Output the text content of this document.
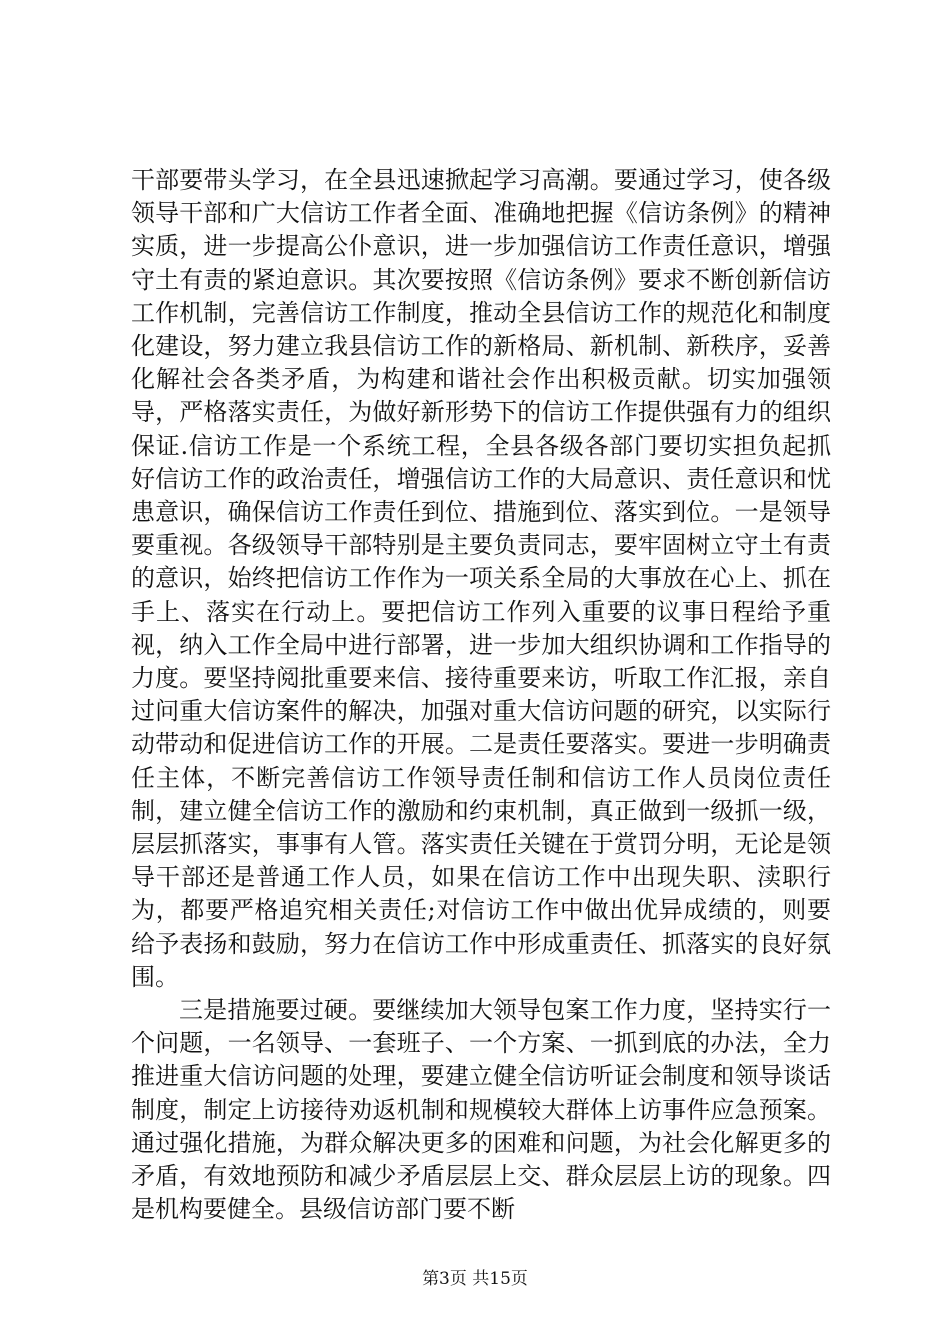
干部要带头学习，在全县迅速掀起学习高潮。要通过学习，使各级领导干部和广大信访工作者全面、准确地把握《信访条例》的精神实质，进一步提高公仆意识，进一步加强信访工作责任意识，增强守土有责的紧迫意识。其次要按照《信访条例》要求不断创新信访工作机制，完善信访工作制度，推动全县信访工作的规范化和制度化建设，努力建立我县信访工作的新格局、新机制、新秩序，妥善化解社会各类矛盾，为构建和谐社会作出积极贡献。切实加强领导，严格落实责任，为做好新形势下的信访工作提供强有力的组织保证.信访工作是一个系统工程，全县各级各部门要切实担负起抓好信访工作的政治责任，增强信访工作的大局意识、责任意识和忧患意识，确保信访工作责任到位、措施到位、落实到位。一是领导要重视。各级领导干部特别是主要负责同志，要牢固树立守土有责的意识，始终把信访工作作为一项关系全局的大事放在心上、抓在手上、落实在行动上。要把信访工作列入重要的议事日程给予重视，纳入工作全局中进行部署，进一步加大组织协调和工作指导的力度。要坚持阅批重要来信、接待重要来访，听取工作汇报，亲自过问重大信访案件的解决，加强对重大信访问题的研究，以实际行动带动和促进信访工作的开展。二是责任要落实。要进一步明确责任主体，不断完善信访工作领导责任制和信访工作人员岗位责任制，建立健全信访工作的激励和约束机制，真正做到一级抓一级，层层抓落实，事事有人管。落实责任关键在于赏罚分明，无论是领导干部还是普通工作人员，如果在信访工作中出现失职、渎职行为，都要严格追究相关责任;对信访工作中做出优异成绩的，则要给予表扬和鼓励，努力在信访工作中形成重责任、抓落实的良好氛围。

三是措施要过硬。要继续加大领导包案工作力度，坚持实行一个问题，一名领导、一套班子、一个方案、一抓到底的办法，全力推进重大信访问题的处理，要建立健全信访听证会制度和领导谈话制度，制定上访接待劝返机制和规模较大群体上访事件应急预案。通过强化措施，为群众解决更多的困难和问题，为社会化解更多的矛盾，有效地预防和减少矛盾层层上交、群众层层上访的现象。四是机构要健全。县级信访部门要不断

第3页 共15页
